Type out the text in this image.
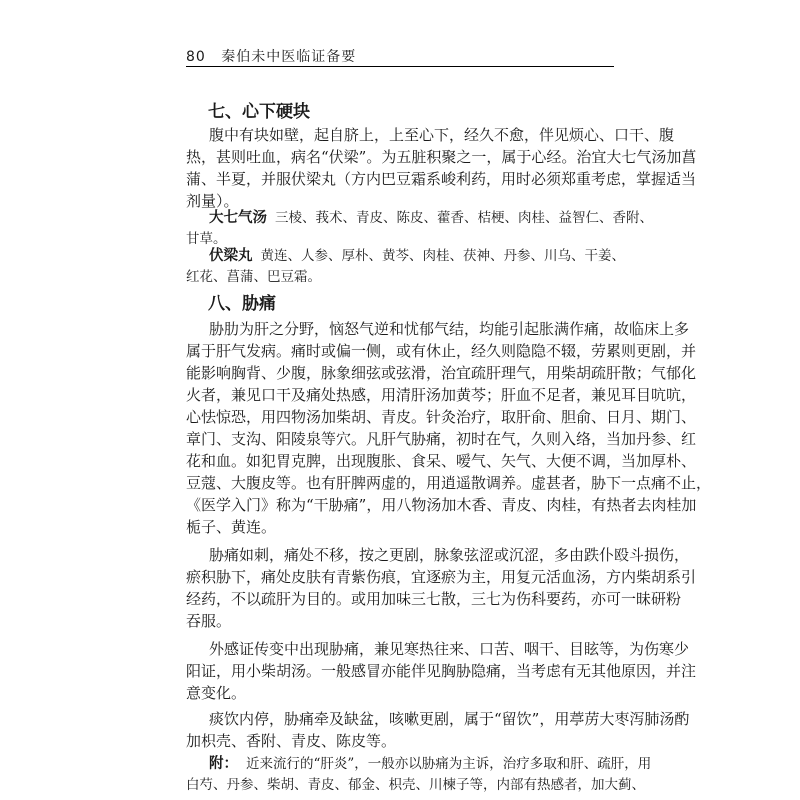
80 秦伯未中医临证备要
七、心下硬块
腹中有块如壁，起自脐上，上至心下，经久不愈，伴见烦心、口干、腹
热，甚则吐血，病名“伏梁”。为五脏积聚之一，属于心经。治宜大七气汤加菖
蒲、半夏，并服伏梁丸（方内巴豆霜系峻利药，用时必须郑重考虑，掌握适当
剂量）。
大七气汤 三棱、莪术、青皮、陈皮、藿香、桔梗、肉桂、益智仁、香附、
甘草。
伏梁丸 黄连、人参、厚朴、黄芩、肉桂、茯神、丹参、川乌、干姜、
红花、菖蒲、巴豆霜。
八、胁痛
胁肋为肝之分野，恼怒气逆和忧郁气结，均能引起胀满作痛，故临床上多
属于肝气发病。痛时或偏一侧，或有休止，经久则隐隐不辍，劳累则更剧，并
能影响胸背、少腹，脉象细弦或弦滑，治宜疏肝理气，用柴胡疏肝散；气郁化
火者，兼见口干及痛处热感，用清肝汤加黄芩；肝血不足者，兼见耳目吭吭，
心怯惊恐，用四物汤加柴胡、青皮。针灸治疗，取肝俞、胆俞、日月、期门、
章门、支沟、阳陵泉等穴。凡肝气胁痛，初时在气，久则入络，当加丹参、红
花和血。如犯胃克脾，出现腹胀、食呆、嗳气、矢气、大便不调，当加厚朴、
豆蔻、大腹皮等。也有肝脾两虚的，用逍遥散调养。虚甚者，胁下一点痛不止，
《医学入门》称为“干胁痛”，用八物汤加木香、青皮、肉桂，有热者去肉桂加
栀子、黄连。
胁痛如刺，痛处不移，按之更剧，脉象弦涩或沉涩，多由跌仆殴斗损伤，
瘀积胁下，痛处皮肤有青紫伤痕，宜逐瘀为主，用复元活血汤，方内柴胡系引
经药，不以疏肝为目的。或用加味三七散，三七为伤科要药，亦可一昧研粉
吞服。
外感证传变中出现胁痛，兼见寒热往来、口苦、咽干、目眩等，为伤寒少
阳证，用小柴胡汤。一般感冒亦能伴见胸胁隐痛，当考虑有无其他原因，并注
意变化。
痰饮内停，胁痛牵及缺盆，咳嗽更剧，属于“留饮”，用葶苈大枣泻肺汤酌
加枳壳、香附、青皮、陈皮等。
附： 近来流行的“肝炎”，一般亦以胁痛为主诉，治疗多取和肝、疏肝，用
白芍、丹参、柴胡、青皮、郁金、枳壳、川楝子等，内部有热感者，加大蓟、
